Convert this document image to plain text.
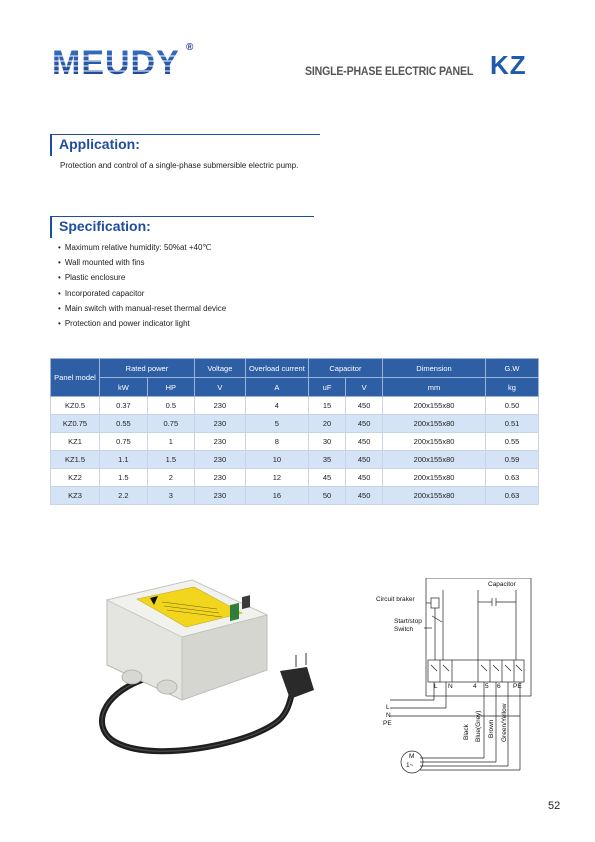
MEUDY ®
SINGLE-PHASE ELECTRIC PANEL KZ
Application:
Protection and control of a single-phase submersible electric pump.
Specification:
• Maximum relative humidity: 50%at +40℃
• Wall mounted with fins
• Plastic enclosure
• Incorporated capacitor
• Main switch with manual-reset thermal device
• Protection and power indicator light
Panel model	Rated power		Voltage	Overload current	Capacitor		Dimension	G.W
	kW	HP	V	A	uF	V	mm	kg
KZ0.5	0.37	0.5	230	4	15	450	200x155x80	0.50
KZ0.75	0.55	0.75	230	5	20	450	200x155x80	0.51
KZ1	0.75	1	230	8	30	450	200x155x80	0.55
KZ1.5	1.1	1.5	230	10	35	450	200x155x80	0.59
KZ2	1.5	2	230	12	45	450	200x155x80	0.63
KZ3	2.2	3	230	16	50	450	200x155x80	0.63
Capacitor
Circuit braker
Start/stop
Switch
L N	4 5 6 PE
L
N
PE
Black Blue(Grey) Brown Green/Yellow
M
1~
52
